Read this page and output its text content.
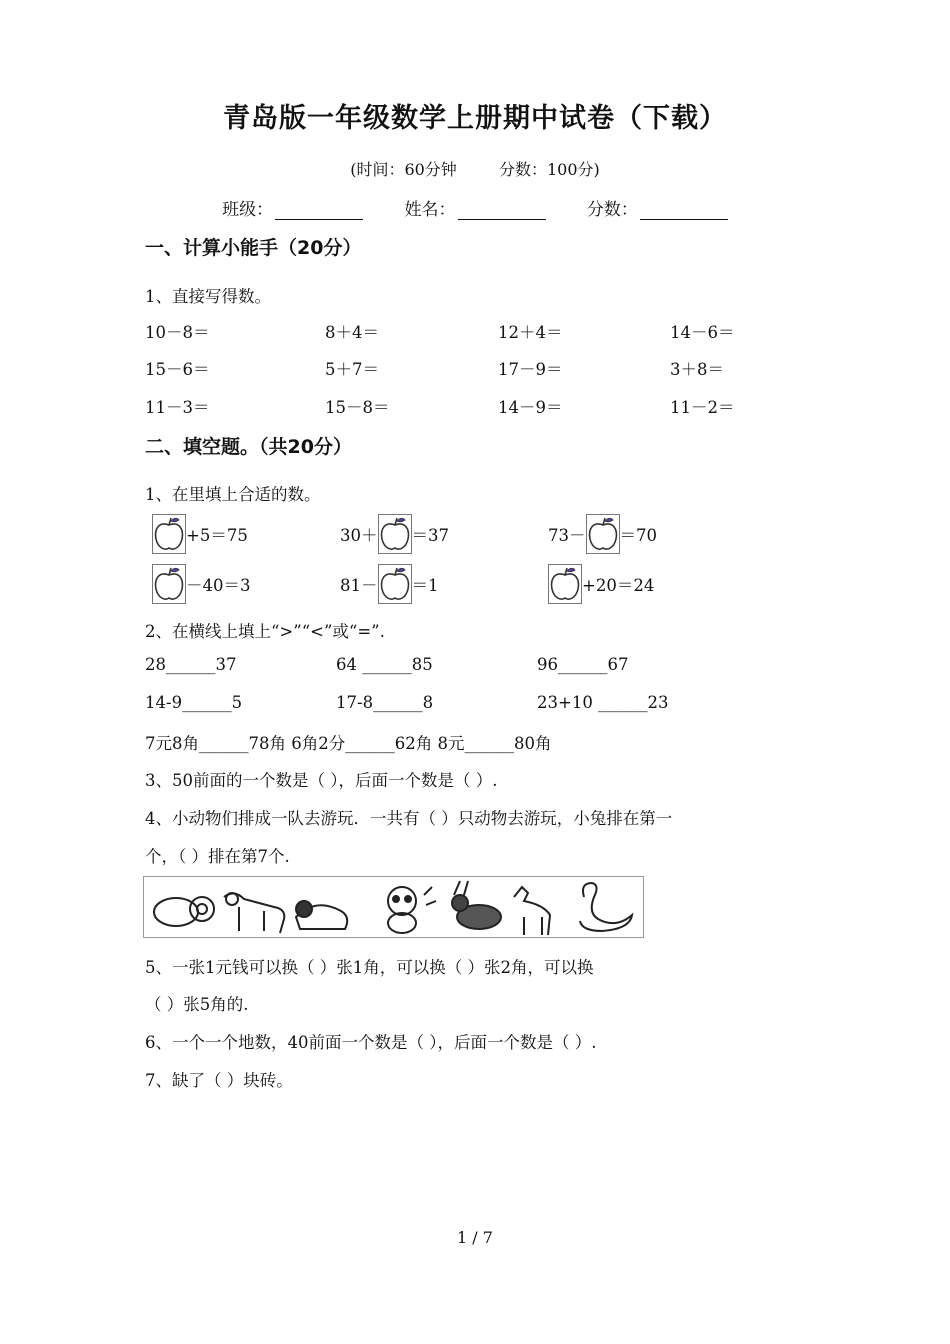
青岛版一年级数学上册期中试卷（下载）
(时间：60分钟	分数：100分)
班级：	姓名：	分数：
一、计算小能手（20分）
1、直接写得数。
10－8＝	8＋4＝	12＋4＝	14－6＝
15－6＝	5＋7＝	17－9＝	3＋8＝
11－3＝	15－8＝	14－9＝	11－2＝
二、填空题。（共20分）
1、在里填上合适的数。
+5＝75	30＋ ＝37	73－ ＝70
－40＝3	81－ ＝1	+20＝24
2、在横线上填上“>”“<”或“=”.
28______37	64 ______85	96______67
14-9______5	17-8______8	23+10 ______23
7元8角______78角 6角2分______62角 8元______80角
3、50前面的一个数是（ ），后面一个数是（ ）.
4、小动物们排成一队去游玩．一共有（ ）只动物去游玩，小兔排在第一
个，（ ）排在第7个.
5、一张1元钱可以换（ ）张1角，可以换（ ）张2角，可以换
（ ）张5角的.
6、一个一个地数，40前面一个数是（ ），后面一个数是（ ）.
7、缺了（ ）块砖。
1 / 7
